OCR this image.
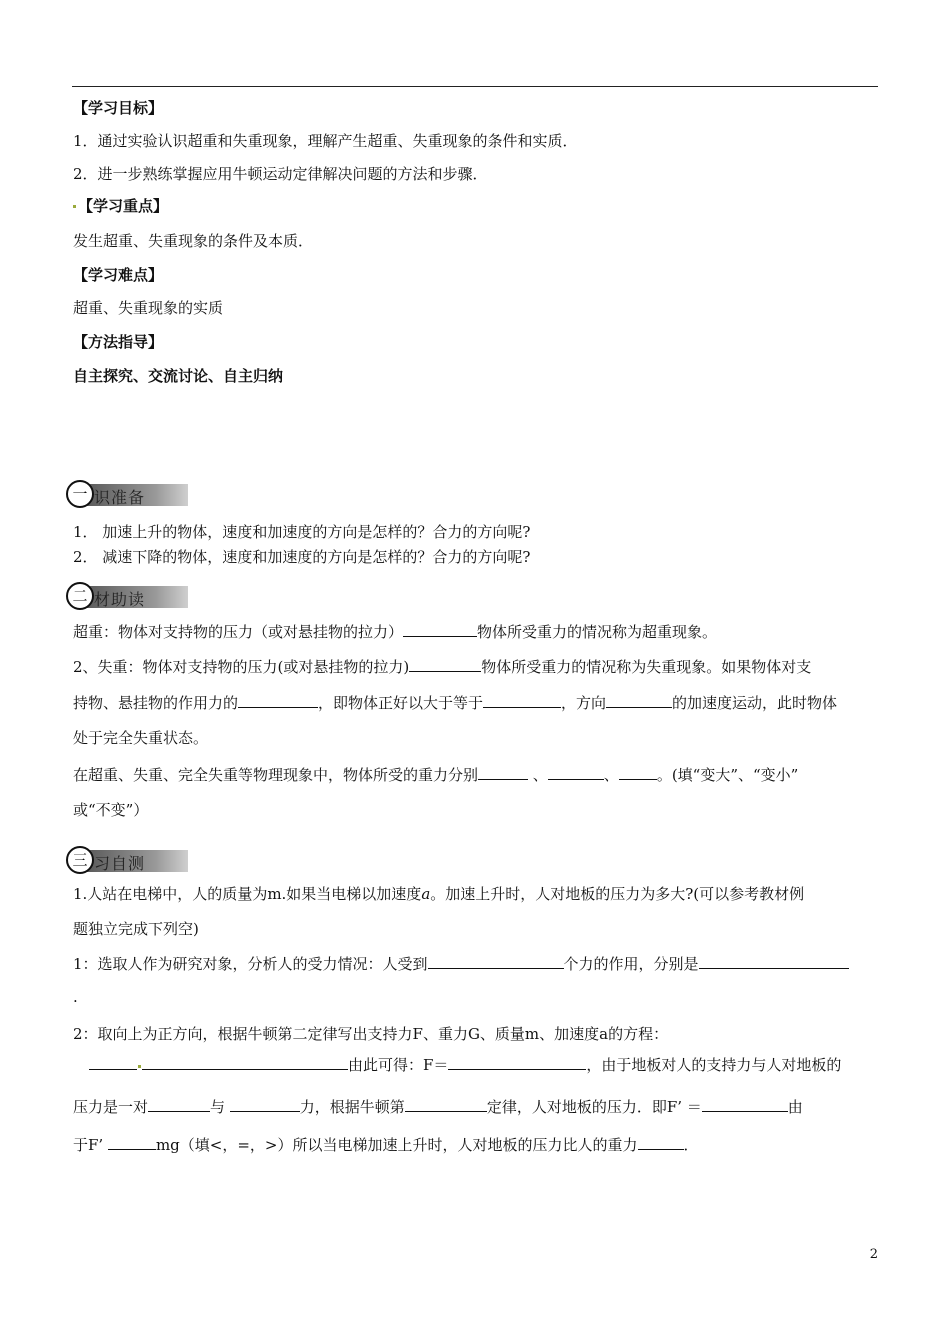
【学习目标】
1．通过实验认识超重和失重现象，理解产生超重、失重现象的条件和实质．
2．进一步熟练掌握应用牛顿运动定律解决问题的方法和步骤．
【学习重点】
发生超重、失重现象的条件及本质．
【学习难点】
超重、失重现象的实质
【方法指导】
自主探究、交流讨论、自主归纳
识准备
一
1． 加速上升的物体，速度和加速度的方向是怎样的？合力的方向呢?
2． 减速下降的物体，速度和加速度的方向是怎样的？合力的方向呢?
材助读
二
超重：物体对支持物的压力（或对悬挂物的拉力）	物体所受重力的情况称为超重现象。
2、失重：物体对支持物的压力(或对悬挂物的拉力)	物体所受重力的情况称为失重现象。如果物体对支
持物、悬挂物的作用力的	，即物体正好以大于等于	，方向	的加速度运动，此时物体
处于完全失重状态。
在超重、失重、完全失重等物理现象中，物体所受的重力分别	、	、	。(填“变大”、“变小”
或“不变”）
习自测
三
1.人站在电梯中，人的质量为m.如果当电梯以加速度a。加速上升时，人对地板的压力为多大?(可以参考教材例
题独立完成下列空)
1：选取人作为研究对象，分析人的受力情况：人受到	个力的作用，分别是
.
2：取向上为正方向，根据牛顿第二定律写出支持力F、重力G、质量m、加速度a的方程：
由此可得：F＝	，由于地板对人的支持力与人对地板的
压力是一对	与	力，根据牛顿第	定律，人对地板的压力．即F’ ＝	由
于F’	mg（填<，=，>）所以当电梯加速上升时，人对地板的压力比人的重力	．
2
